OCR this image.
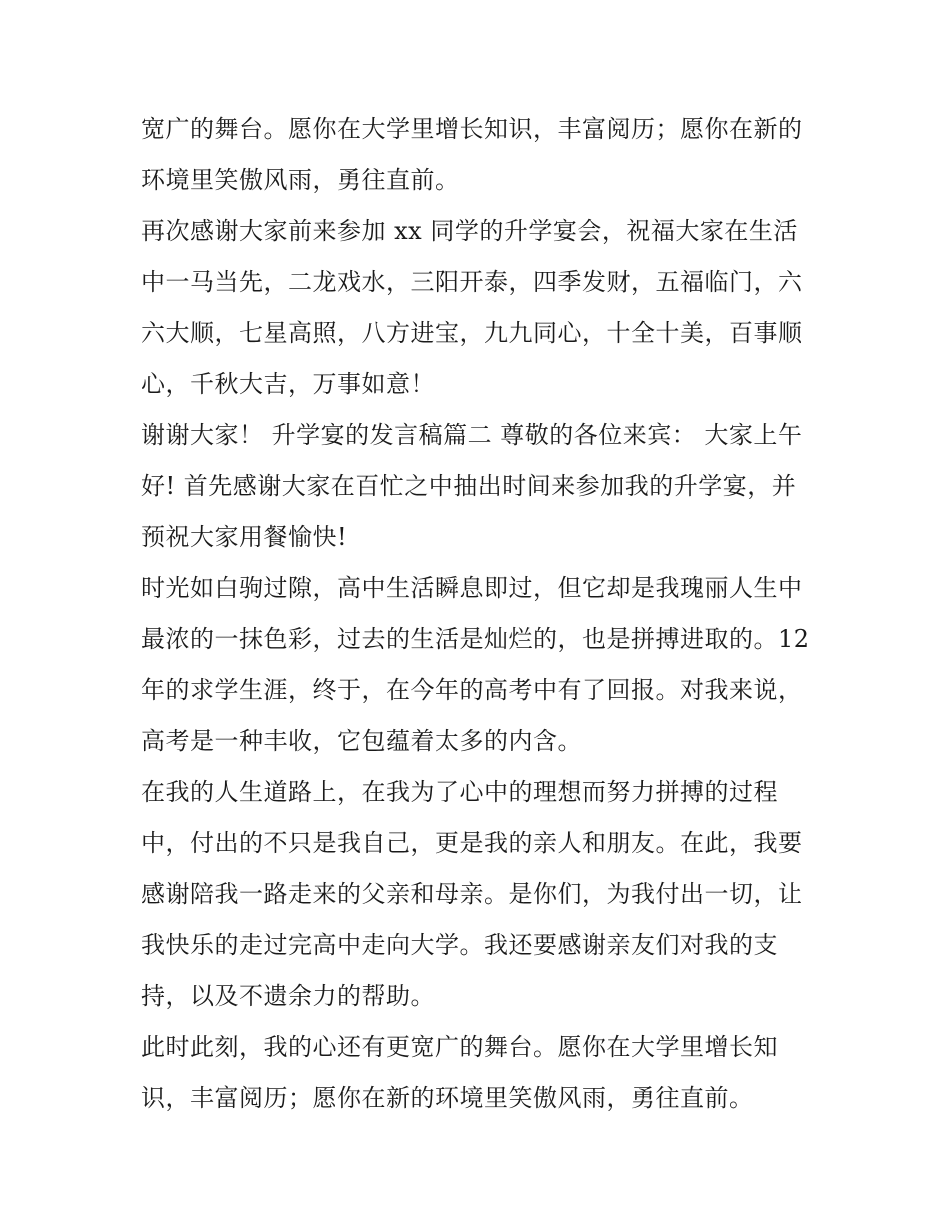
宽广的舞台。愿你在大学里增长知识，丰富阅历；愿你在新的

环境里笑傲风雨，勇往直前。

再次感谢大家前来参加 xx 同学的升学宴会，祝福大家在生活

中一马当先，二龙戏水，三阳开泰，四季发财，五福临门，六

六大顺，七星高照，八方进宝，九九同心，十全十美，百事顺

心，千秋大吉，万事如意！

谢谢大家！ 升学宴的发言稿篇二 尊敬的各位来宾： 大家上午

好! 首先感谢大家在百忙之中抽出时间来参加我的升学宴，并

预祝大家用餐愉快!

时光如白驹过隙，高中生活瞬息即过，但它却是我瑰丽人生中

最浓的一抹色彩，过去的生活是灿烂的，也是拼搏进取的。12

年的求学生涯，终于，在今年的高考中有了回报。对我来说，

高考是一种丰收，它包蕴着太多的内含。

在我的人生道路上，在我为了心中的理想而努力拼搏的过程

中，付出的不只是我自己，更是我的亲人和朋友。在此，我要

感谢陪我一路走来的父亲和母亲。是你们，为我付出一切，让

我快乐的走过完高中走向大学。我还要感谢亲友们对我的支

持，以及不遗余力的帮助。

此时此刻，我的心还有更宽广的舞台。愿你在大学里增长知

识，丰富阅历；愿你在新的环境里笑傲风雨，勇往直前。
